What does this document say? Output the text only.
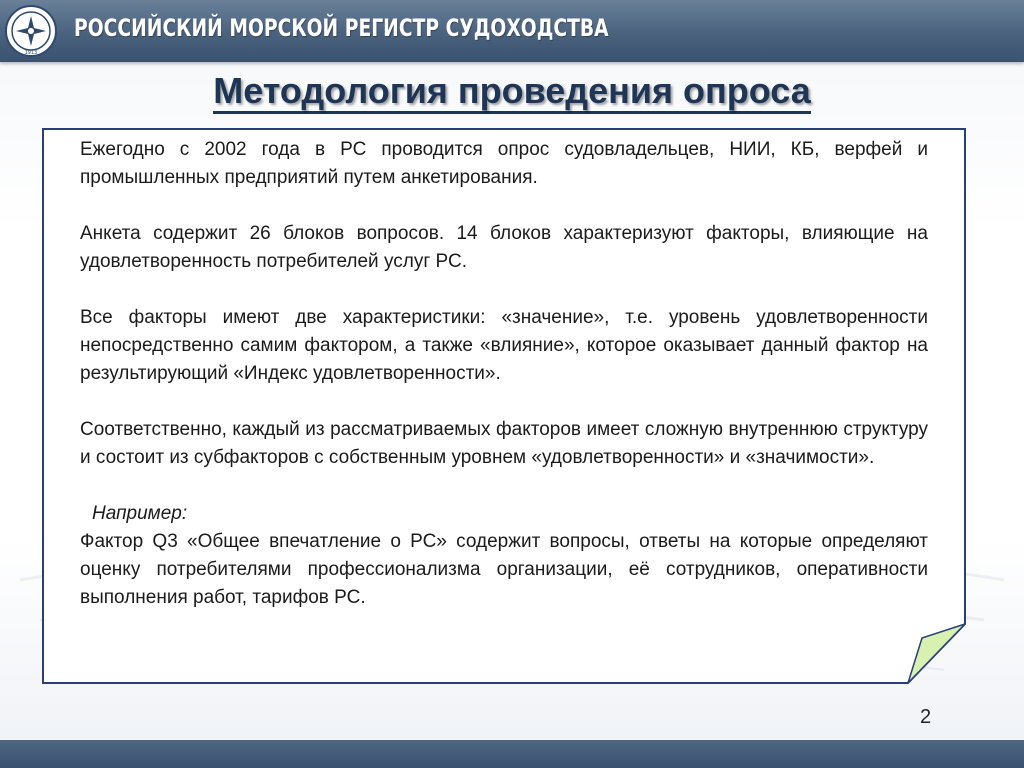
1913
РОССИЙСКИЙ МОРСКОЙ РЕГИСТР СУДОХОДСТВА
Методология проведения опроса

Ежегодно с 2002 года в РС проводится опрос судовладельцев, НИИ, КБ, верфей и промышленных предприятий путем анкетирования.

Анкета содержит 26 блоков вопросов. 14 блоков характеризуют факторы, влияющие на удовлетворенность потребителей услуг РС.

Все факторы имеют две характеристики: «значение», т.е. уровень удовлетворенности непосредственно самим фактором, а также «влияние», которое оказывает данный фактор на результирующий «Индекс удовлетворенности».

Соответственно, каждый из рассматриваемых факторов имеет сложную внутреннюю структуру и состоит из субфакторов с собственным уровнем «удовлетворенности» и «значимости».

Например:
Фактор Q3 «Общее впечатление о РС» содержит вопросы, ответы на которые определяют оценку потребителями профессионализма организации, её сотрудников, оперативности выполнения работ, тарифов РС.

2
